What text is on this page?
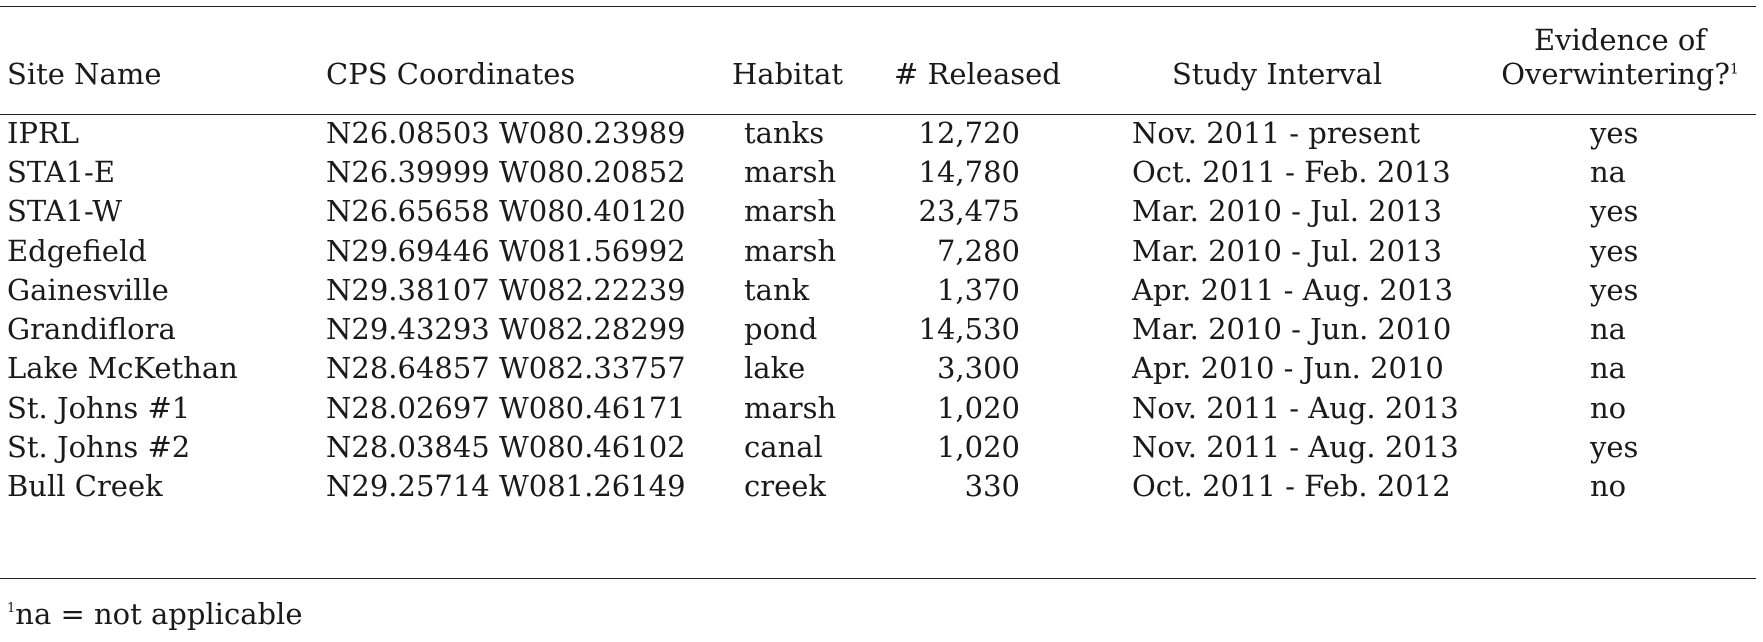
Evidence of
Site Name	CPS Coordinates	Habitat # Released	Study Interval	Overwintering?$^1$
IPRL	N26.08503 W080.23989 tanks	12,720	Nov. 2011 - present	yes
STA1-E	N26.39999 W080.20852 marsh	14,780	Oct. 2011 - Feb. 2013	na
STA1-W	N26.65658 W080.40120 marsh	23,475	Mar. 2010 - Jul. 2013	yes
Edgefield	N29.69446 W081.56992 marsh	7,280	Mar. 2010 - Jul. 2013	yes
Gainesville	N29.38107 W082.22239 tank	1,370	Apr. 2011 - Aug. 2013	yes
Grandiflora	N29.43293 W082.28299 pond	14,530	Mar. 2010 - Jun. 2010	na
Lake McKethan	N28.64857 W082.33757 lake	3,300	Apr. 2010 - Jun. 2010	na
St. Johns #1	N28.02697 W080.46171 marsh	1,020	Nov. 2011 - Aug. 2013	no
St. Johns #2	N28.03845 W080.46102 canal	1,020	Nov. 2011 - Aug. 2013	yes
Bull Creek	N29.25714 W081.26149 creek	330	Oct. 2011 - Feb. 2012	no
$^1$na = not applicable
